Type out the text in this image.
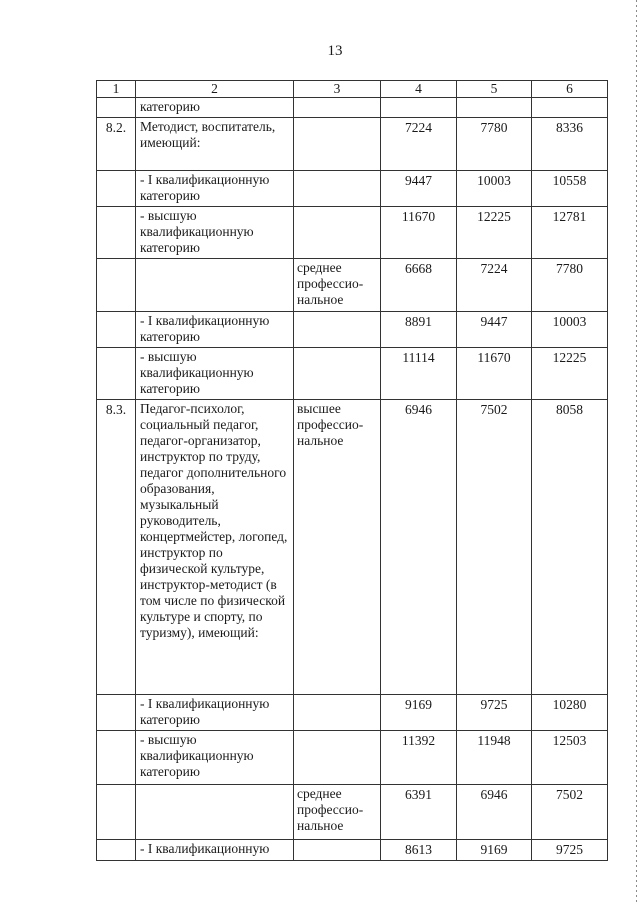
13
1	2	3	4	5	6
	категорию				
8.2.	Методист, воспитатель, имеющий:		7224	7780	8336
	- I квалификационную категорию		9447	10003	10558
	- высшую квалификационную категорию		11670	12225	12781
		среднее профессио-нальное	6668	7224	7780
	- I квалификационную категорию		8891	9447	10003
	- высшую квалификационную категорию		11114	11670	12225
8.3.	Педагог-психолог, социальный педагог, педагог-организатор, инструктор по труду, педагог дополнительного образования, музыкальный руководитель, концертмейстер, логопед, инструктор по физической культуре, инструктор-методист (в том числе по физической культуре и спорту, по туризму), имеющий:	высшее профессио-нальное	6946	7502	8058
	- I квалификационную категорию		9169	9725	10280
	- высшую квалификационную категорию		11392	11948	12503
		среднее профессио-нальное	6391	6946	7502
	- I квалификационную		8613	9169	9725
